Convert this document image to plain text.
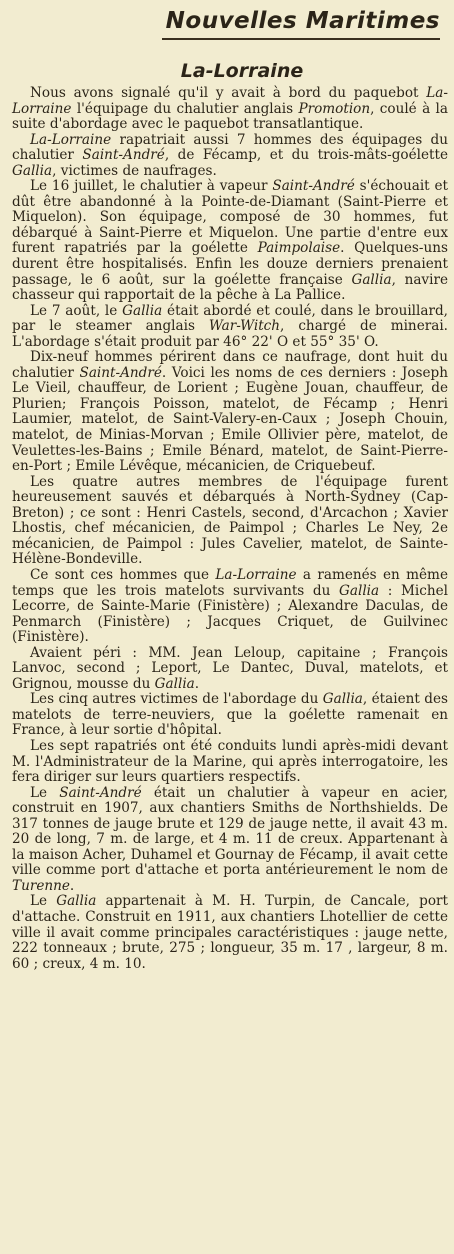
Nouvelles Maritimes
La-Lorraine

Nous avons signalé qu'il y avait à bord du paquebot La-Lorraine l'équipage du chalutier anglais Promotion, coulé à la suite d'abordage avec le paquebot transatlantique.

La-Lorraine rapatriait aussi 7 hommes des équipages du chalutier Saint-André, de Fécamp, et du trois-mâts-goélette Gallia, victimes de naufrages.

Le 16 juillet, le chalutier à vapeur Saint-André s'échouait et dût être abandonné à la Pointe-de-Diamant (Saint-Pierre et Miquelon). Son équipage, composé de 30 hommes, fut débarqué à Saint-Pierre et Miquelon. Une partie d'entre eux furent rapatriés par la goélette Paimpolaise. Quelques-uns durent être hospitalisés. Enfin les douze derniers prenaient passage, le 6 août, sur la goélette française Gallia, navire chasseur qui rapportait de la pêche à La Pallice.

Le 7 août, le Gallia était abordé et coulé, dans le brouillard, par le steamer anglais War-Witch, chargé de minerai. L'abordage s'était produit par 46° 22' O et 55° 35' O.

Dix-neuf hommes périrent dans ce naufrage, dont huit du chalutier Saint-André. Voici les noms de ces derniers : Joseph Le Vieil, chauffeur, de Lorient ; Eugène Jouan, chauffeur, de Plurien; François Poisson, matelot, de Fécamp ; Henri Laumier, matelot, de Saint-Valery-en-Caux ; Joseph Chouin, matelot, de Minias-Morvan ; Emile Ollivier père, matelot, de Veulettes-les-Bains ; Emile Bénard, matelot, de Saint-Pierre-en-Port ; Emile Lévêque, mécanicien, de Criquebeuf.

Les quatre autres membres de l'équipage furent heureusement sauvés et débarqués à North-Sydney (Cap-Breton) ; ce sont : Henri Castels, second, d'Arcachon ; Xavier Lhostis, chef mécanicien, de Paimpol ; Charles Le Ney, 2e mécanicien, de Paimpol : Jules Cavelier, matelot, de Sainte-Hélène-Bondeville.

Ce sont ces hommes que La-Lorraine a ramenés en même temps que les trois matelots survivants du Gallia : Michel Lecorre, de Sainte-Marie (Finistère) ; Alexandre Daculas, de Penmarch (Finistère) ; Jacques Criquet, de Guilvinec (Finistère).

Avaient péri : MM. Jean Leloup, capitaine ; François Lanvoc, second ; Leport, Le Dantec, Duval, matelots, et Grignou, mousse du Gallia.

Les cinq autres victimes de l'abordage du Gallia, étaient des matelots de terre-neuviers, que la goélette ramenait en France, à leur sortie d'hôpital.

Les sept rapatriés ont été conduits lundi après-midi devant M. l'Administrateur de la Marine, qui après interrogatoire, les fera diriger sur leurs quartiers respectifs.

Le Saint-André était un chalutier à vapeur en acier, construit en 1907, aux chantiers Smiths de Northshields. De 317 tonnes de jauge brute et 129 de jauge nette, il avait 43 m. 20 de long, 7 m. de large, et 4 m. 11 de creux. Appartenant à la maison Acher, Duhamel et Gournay de Fécamp, il avait cette ville comme port d'attache et porta antérieurement le nom de Turenne.

Le Gallia appartenait à M. H. Turpin, de Cancale, port d'attache. Construit en 1911, aux chantiers Lhotellier de cette ville il avait comme principales caractéristiques : jauge nette, 222 tonneaux ; brute, 275 ; longueur, 35 m. 17 , largeur, 8 m. 60 ; creux, 4 m. 10.
